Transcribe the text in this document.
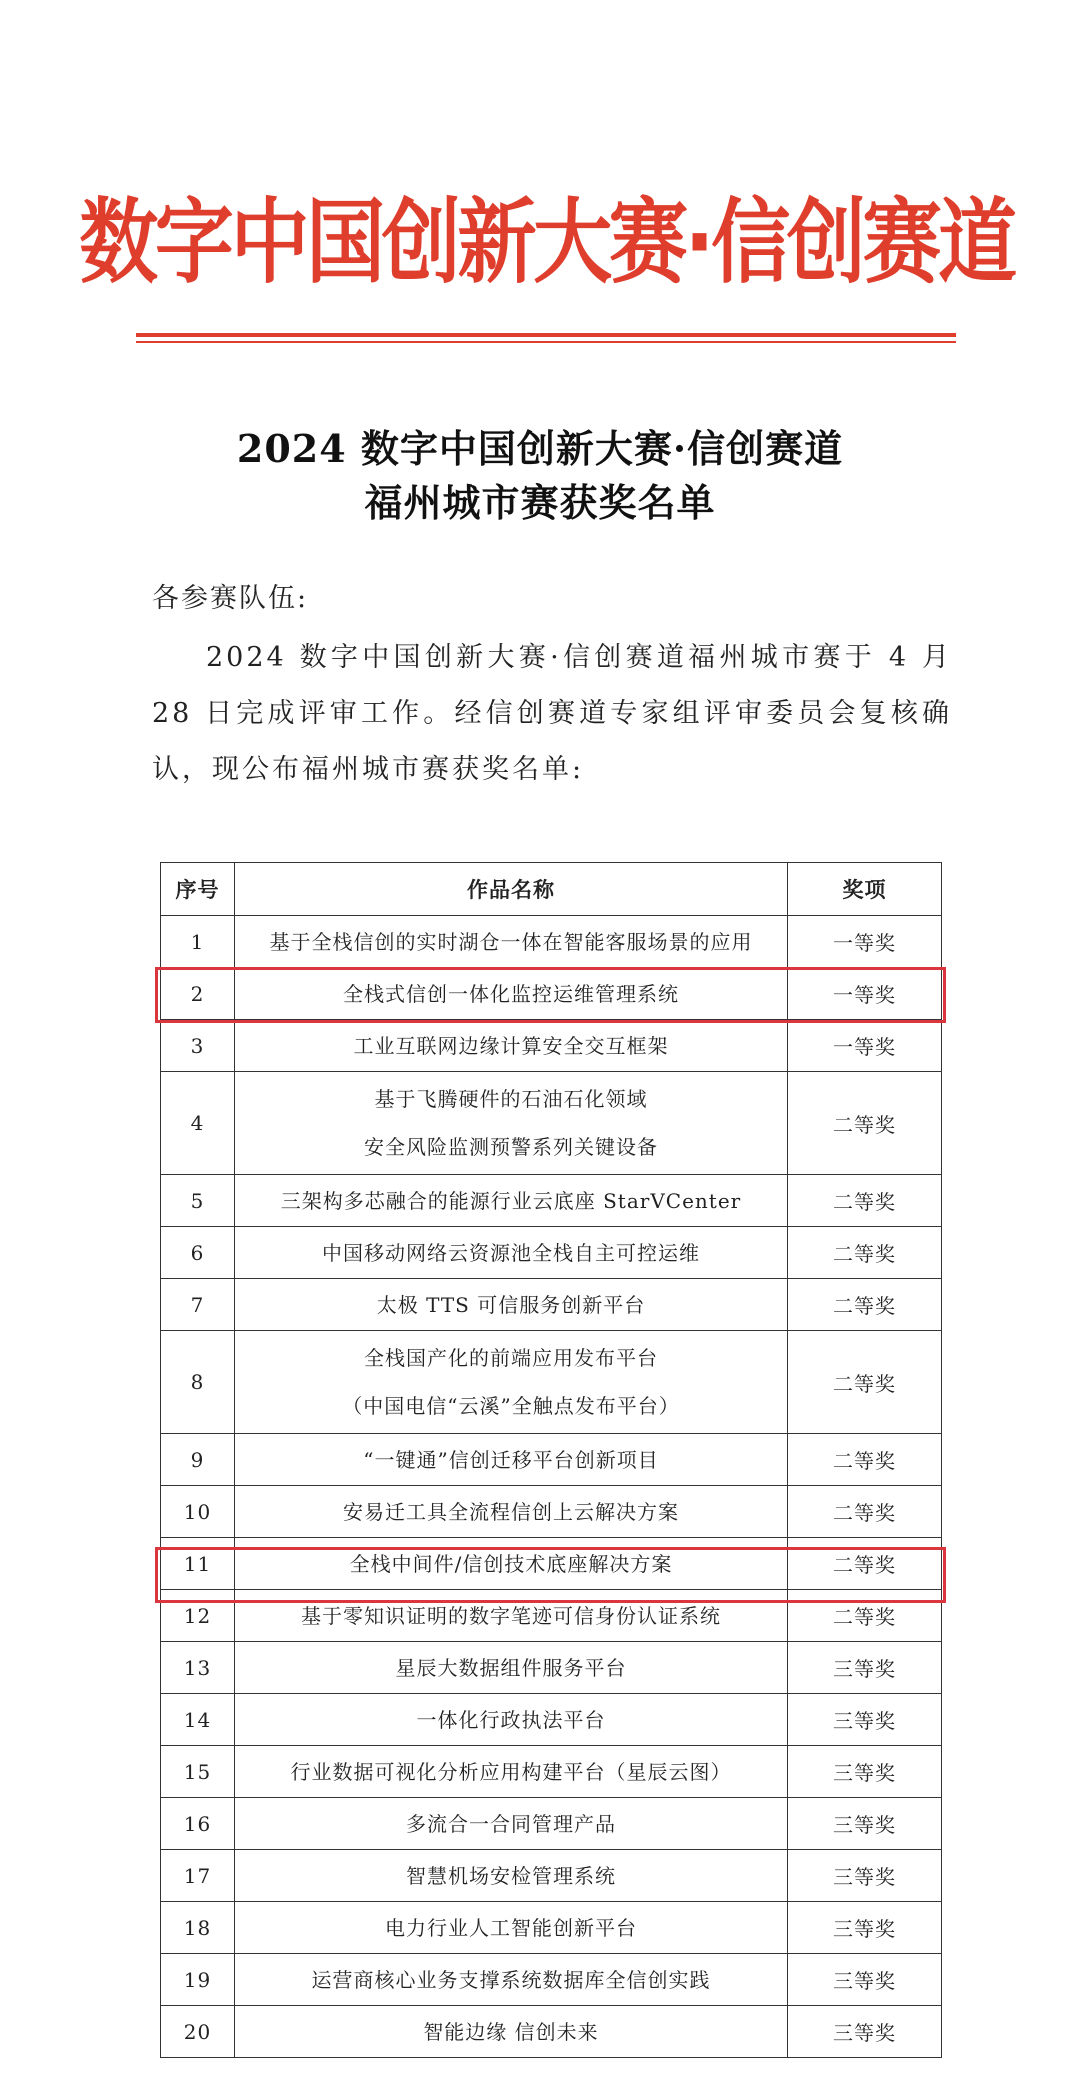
数字中国创新大赛·信创赛道
2024 数字中国创新大赛·信创赛道
福州城市赛获奖名单
各参赛队伍:
2024 数字中国创新大赛·信创赛道福州城市赛于 4 月 28 日完成评审工作。经信创赛道专家组评审委员会复核确认，现公布福州城市赛获奖名单:
序号	作品名称	奖项
1	基于全栈信创的实时湖仓一体在智能客服场景的应用	一等奖
2	全栈式信创一体化监控运维管理系统	一等奖
3	工业互联网边缘计算安全交互框架	一等奖
4	基于飞腾硬件的石油石化领域
安全风险监测预警系列关键设备	二等奖
5	三架构多芯融合的能源行业云底座 StarVCenter	二等奖
6	中国移动网络云资源池全栈自主可控运维	二等奖
7	太极 TTS 可信服务创新平台	二等奖
8	全栈国产化的前端应用发布平台
（中国电信“云溪”全触点发布平台）	二等奖
9	“一键通”信创迁移平台创新项目	二等奖
10	安易迁工具全流程信创上云解决方案	二等奖
11	全栈中间件/信创技术底座解决方案	二等奖
12	基于零知识证明的数字笔迹可信身份认证系统	二等奖
13	星辰大数据组件服务平台	三等奖
14	一体化行政执法平台	三等奖
15	行业数据可视化分析应用构建平台（星辰云图）	三等奖
16	多流合一合同管理产品	三等奖
17	智慧机场安检管理系统	三等奖
18	电力行业人工智能创新平台	三等奖
19	运营商核心业务支撑系统数据库全信创实践	三等奖
20	智能边缘 信创未来	三等奖
